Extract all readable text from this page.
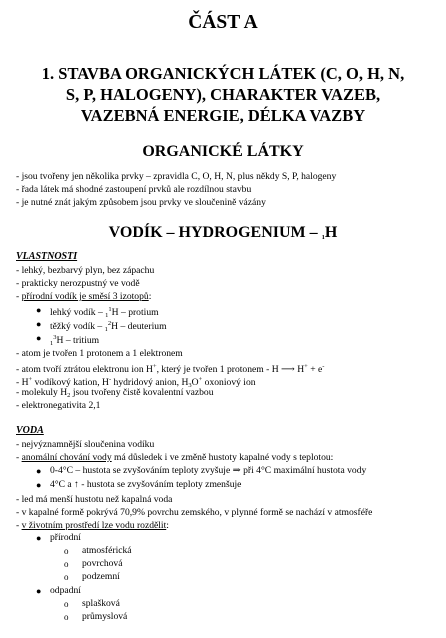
ČÁST A
1. STAVBA ORGANICKÝCH LÁTEK (C, O, H, N,
S, P, HALOGENY), CHARAKTER VAZEB,
VAZEBNÁ ENERGIE, DÉLKA VAZBY
ORGANICKÉ LÁTKY
- jsou tvořeny jen několika prvky – zpravidla C, O, H, N, plus někdy S, P, halogeny
- řada látek má shodné zastoupení prvků ale rozdílnou stavbu
- je nutné znát jakým způsobem jsou prvky ve sloučenině vázány
VODÍK – HYDROGENIUM – $_1$H
VLASTNOSTI
- lehký, bezbarvý plyn, bez zápachu
- prakticky nerozpustný ve vodě
- přírodní vodík je směsí 3 izotopů:
● lehký vodík – $_1^1$H – protium
● těžký vodík – $_1^2$H – deuterium
●
$_1^3$H – tritium
- atom je tvořen 1 protonem a 1 elektronem
- atom tvoří ztrátou elektronu ion H+, který je tvořen 1 protonem - H ⟶ H+ + e-
- H+ vodíkový kation, H- hydridový anion, $H_3O^+$ oxoniový ion
- molekuly $H_2$ jsou tvořeny čistě kovalentní vazbou
- elektronegativita 2,1
VODA
- nejvýznamnější sloučenina vodíku
- anomální chování vody má důsledek i ve změně hustoty kapalné vody s teplotou:
● 0-4°C – hustota se zvyšováním teploty zvyšuje ⇒ při 4°C maximální hustota vody
● 4°C a ↑ - hustota se zvyšováním teploty zmenšuje
- led má menší hustotu než kapalná voda
- v kapalné formě pokrývá 70,9% povrchu zemského, v plynné formě se nachází v atmosféře
- v životním prostředí lze vodu rozdělit:
● přírodní
o atmosférická
o povrchová
o podzemní
● odpadní
o splašková
o průmyslová
